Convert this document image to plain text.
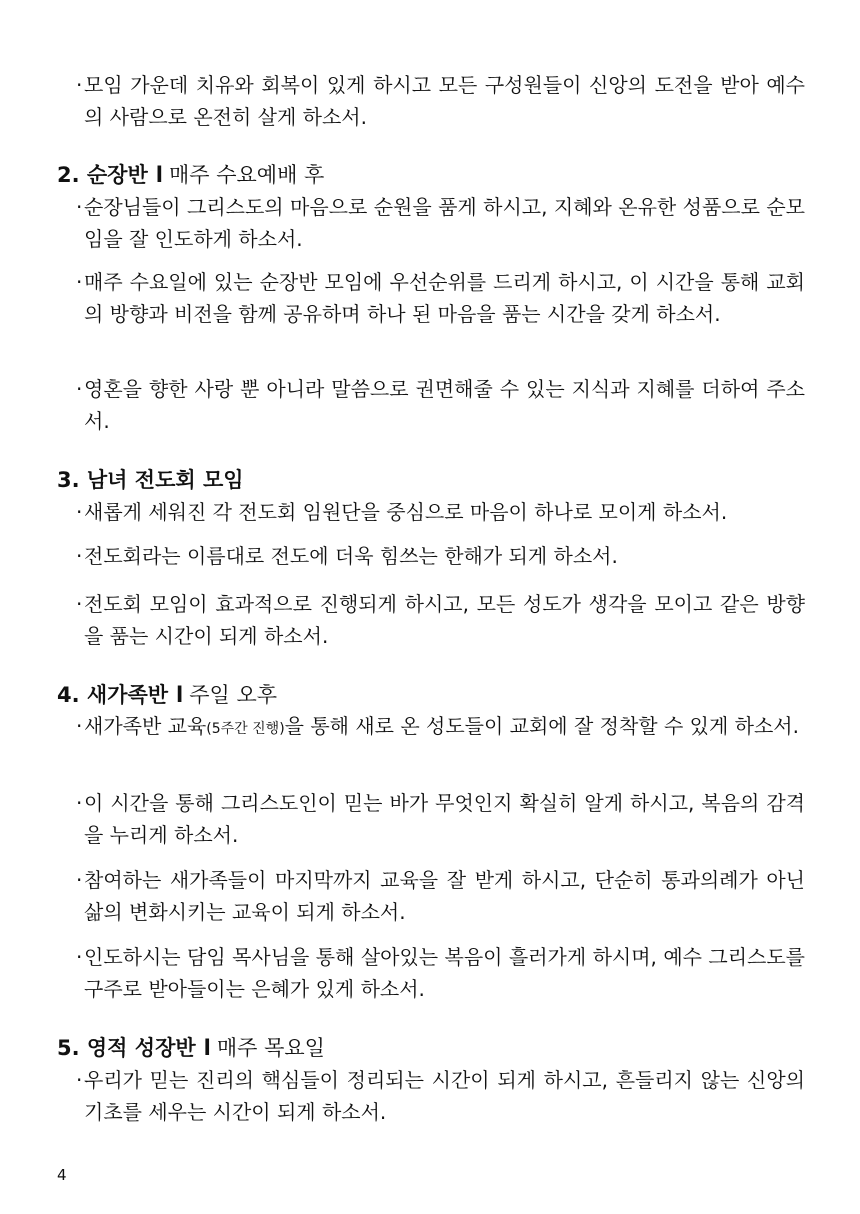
· 모임 가운데 치유와 회복이 있게 하시고 모든 구성원들이 신앙의 도전을 받아 예수의 사람으로 온전히 살게 하소서.
2. 순장반 l 매주 수요예배 후
· 순장님들이 그리스도의 마음으로 순원을 품게 하시고, 지혜와 온유한 성품으로 순모임을 잘 인도하게 하소서.
· 매주 수요일에 있는 순장반 모임에 우선순위를 드리게 하시고, 이 시간을 통해 교회의 방향과 비전을 함께 공유하며 하나 된 마음을 품는 시간을 갖게 하소서.
· 영혼을 향한 사랑 뿐 아니라 말씀으로 권면해줄 수 있는 지식과 지혜를 더하여 주소서.
3. 남녀 전도회 모임
· 새롭게 세워진 각 전도회 임원단을 중심으로 마음이 하나로 모이게 하소서.
· 전도회라는 이름대로 전도에 더욱 힘쓰는 한해가 되게 하소서.
· 전도회 모임이 효과적으로 진행되게 하시고, 모든 성도가 생각을 모이고 같은 방향을 품는 시간이 되게 하소서.
4. 새가족반 l 주일 오후
· 새가족반 교육(5주간 진행)을 통해 새로 온 성도들이 교회에 잘 정착할 수 있게 하소서.
· 이 시간을 통해 그리스도인이 믿는 바가 무엇인지 확실히 알게 하시고, 복음의 감격을 누리게 하소서.
· 참여하는 새가족들이 마지막까지 교육을 잘 받게 하시고, 단순히 통과의례가 아닌 삶의 변화시키는 교육이 되게 하소서.
· 인도하시는 담임 목사님을 통해 살아있는 복음이 흘러가게 하시며, 예수 그리스도를 구주로 받아들이는 은혜가 있게 하소서.
5. 영적 성장반 l 매주 목요일
· 우리가 믿는 진리의 핵심들이 정리되는 시간이 되게 하시고, 흔들리지 않는 신앙의 기초를 세우는 시간이 되게 하소서.
4
